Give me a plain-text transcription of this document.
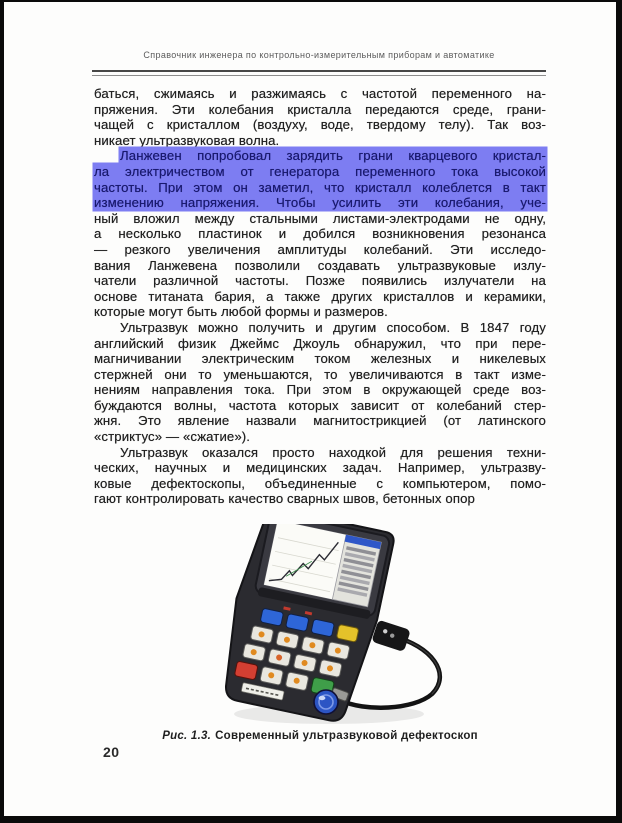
Справочник инженера по контрольно-измерительным приборам и автоматике
баться, сжимаясь и разжимаясь с частотой переменного на-
пряжения. Эти колебания кристалла передаются среде, грани-
чащей с кристаллом (воздуху, воде, твердому телу). Так воз-
никает ультразвуковая волна.
Ланжевен попробовал зарядить грани кварцевого кристал-
ла электричеством от генератора переменного тока высокой
частоты. При этом он заметил, что кристалл колеблется в такт
изменению напряжения. Чтобы усилить эти колебания, уче-
ный вложил между стальными листами-электродами не одну,
а несколько пластинок и добился возникновения резонанса
— резкого увеличения амплитуды колебаний. Эти исследо-
вания Ланжевена позволили создавать ультразвуковые излу-
чатели различной частоты. Позже появились излучатели на
основе титаната бария, а также других кристаллов и керамики,
которые могут быть любой формы и размеров.
Ультразвук можно получить и другим способом. В 1847 году
английский физик Джеймс Джоуль обнаружил, что при пере-
магничивании электрическим током железных и никелевых
стержней они то уменьшаются, то увеличиваются в такт изме-
нениям направления тока. При этом в окружающей среде воз-
буждаются волны, частота которых зависит от колебаний стер-
жня. Это явление назвали магнитострикцией (от латинского
«стриктус» — «сжатие»).
Ультразвук оказался просто находкой для решения техни-
ческих, научных и медицинских задач. Например, ультразву-
ковые дефектоскопы, объединенные с компьютером, помо-
гают контролировать качество сварных швов, бетонных опор
Рис. 1.3. Современный ультразвуковой дефектоскоп
20
